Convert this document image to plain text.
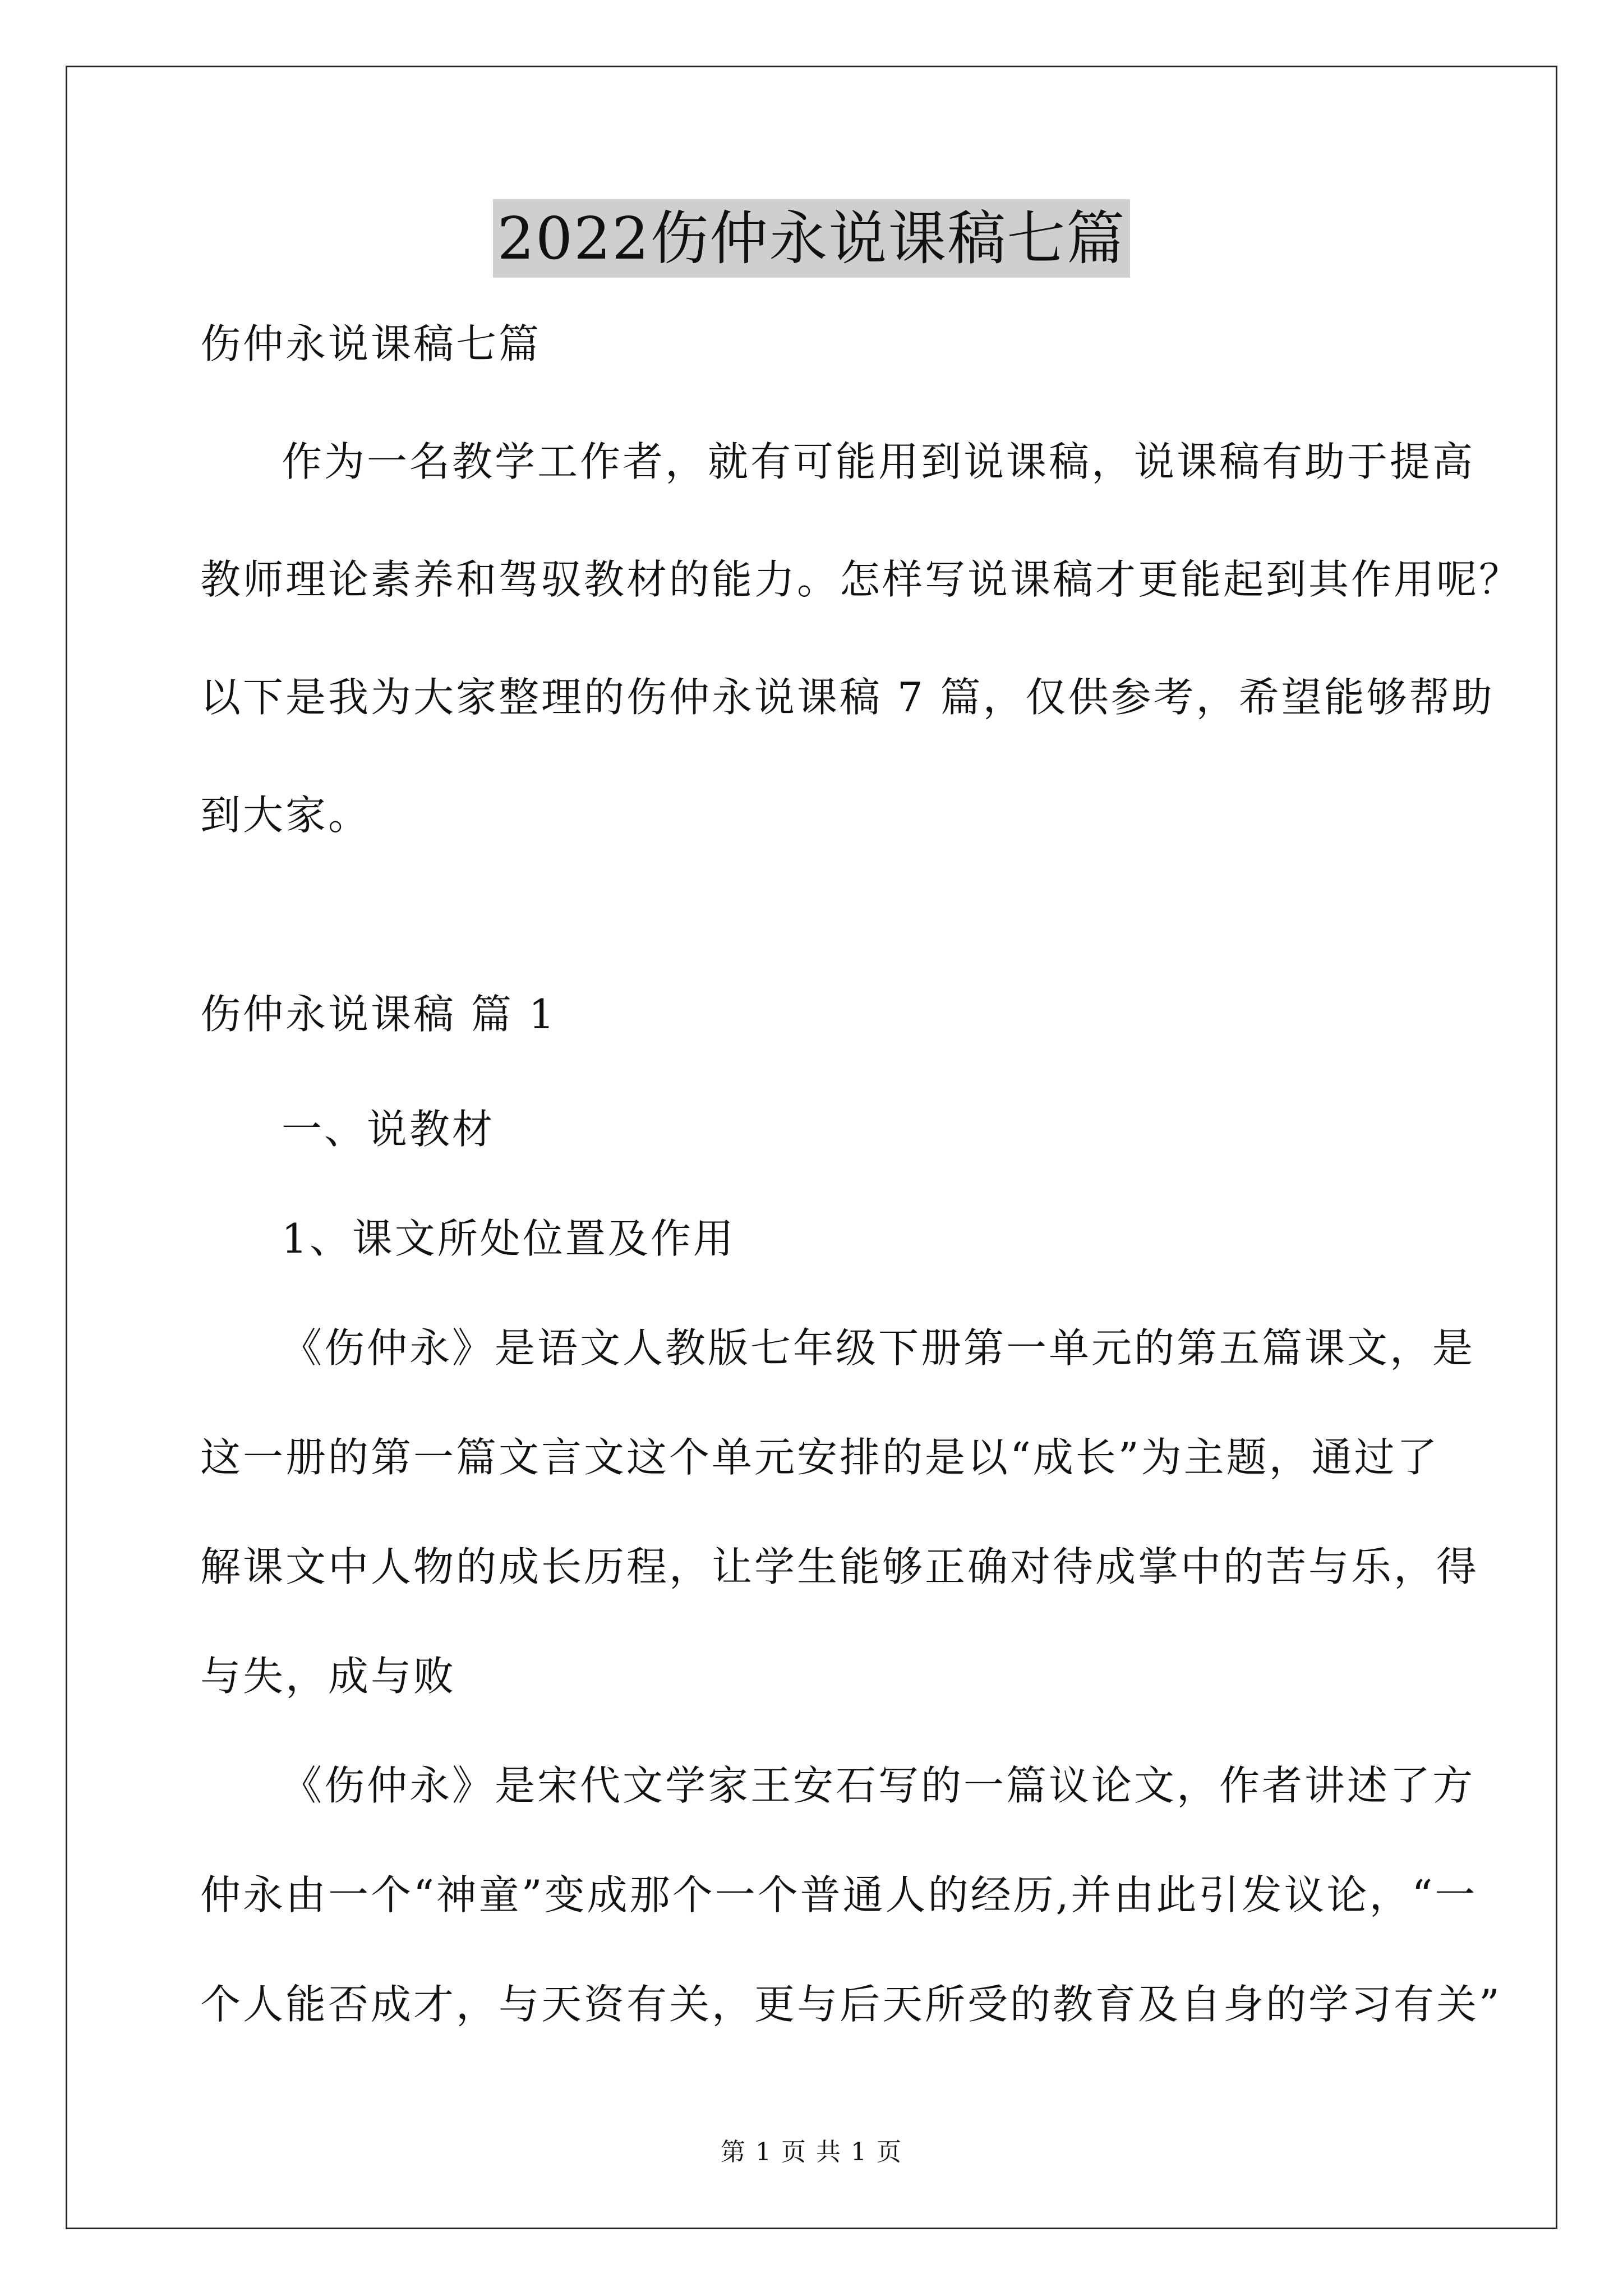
2022伤仲永说课稿七篇
伤仲永说课稿七篇
作为一名教学工作者，就有可能用到说课稿，说课稿有助于提高
教师理论素养和驾驭教材的能力。怎样写说课稿才更能起到其作用呢？
以下是我为大家整理的伤仲永说课稿 7 篇，仅供参考，希望能够帮助
到大家。
伤仲永说课稿 篇 1
一、说教材
1、课文所处位置及作用
《伤仲永》是语文人教版七年级下册第一单元的第五篇课文，是
这一册的第一篇文言文这个单元安排的是以“成长”为主题，通过了
解课文中人物的成长历程，让学生能够正确对待成掌中的苦与乐，得
与失，成与败
《伤仲永》是宋代文学家王安石写的一篇议论文，作者讲述了方
仲永由一个“神童”变成那个一个普通人的经历,并由此引发议论，“一
个人能否成才，与天资有关，更与后天所受的教育及自身的学习有关”
第 1 页 共 1 页
